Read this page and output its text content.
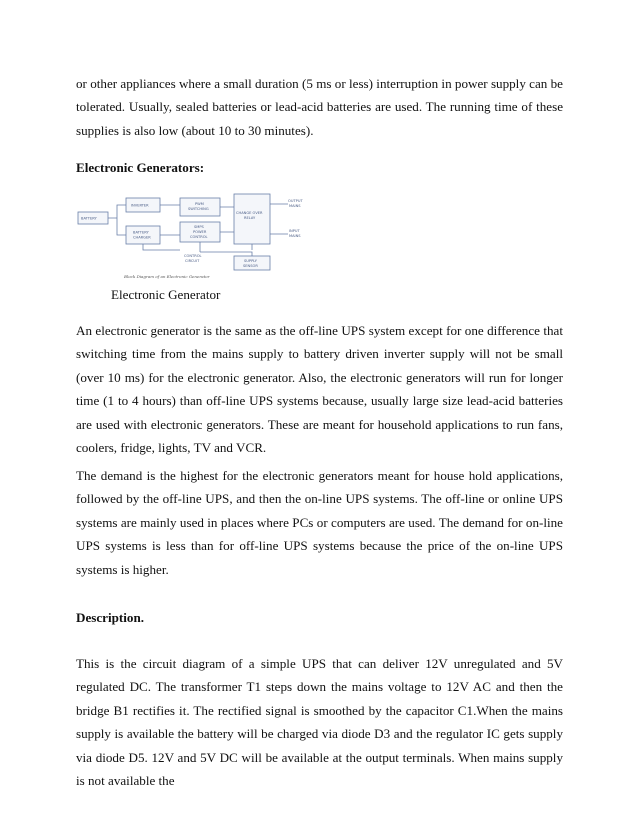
or other appliances where a small duration (5 ms or less) interruption in power supply can be tolerated. Usually, sealed batteries or lead-acid batteries are used. The running time of these supplies is also low (about 10 to 30 minutes).

Electronic Generators:

BATTERY
INVERTER
BATTERY
CHARGER
PWM
SWITCHING
SMPS
POWER
CONTROL
CHANGE OVER
RELAY
OUTPUT
MAINS
INPUT
MAINS
CONTROL
CIRCUIT	SUPPLY
SENSOR
Block Diagram of an Electronic Generator

Electronic Generator

An electronic generator is the same as the off-line UPS system except for one difference that switching time from the mains supply to battery driven inverter supply will not be small (over 10 ms) for the electronic generator. Also, the electronic generators will run for longer time (1 to 4 hours) than off-line UPS systems because, usually large size lead-acid batteries are used with electronic generators. These are meant for household applications to run fans, coolers, fridge, lights, TV and VCR.

The demand is the highest for the electronic generators meant for house hold applications, followed by the off-line UPS, and then the on-line UPS systems. The off-line or online UPS systems are mainly used in places where PCs or computers are used. The demand for on-line UPS systems is less than for off-line UPS systems because the price of the on-line UPS systems is higher.

Description.

This is the circuit diagram of a simple UPS that can deliver 12V unregulated and 5V regulated DC. The transformer T1 steps down the mains voltage to 12V AC and then the bridge B1 rectifies it. The rectified signal is smoothed by the capacitor C1.When the mains supply is available the battery will be charged via diode D3 and the regulator IC gets supply via diode D5. 12V and 5V DC will be available at the output terminals. When mains supply is not available the
